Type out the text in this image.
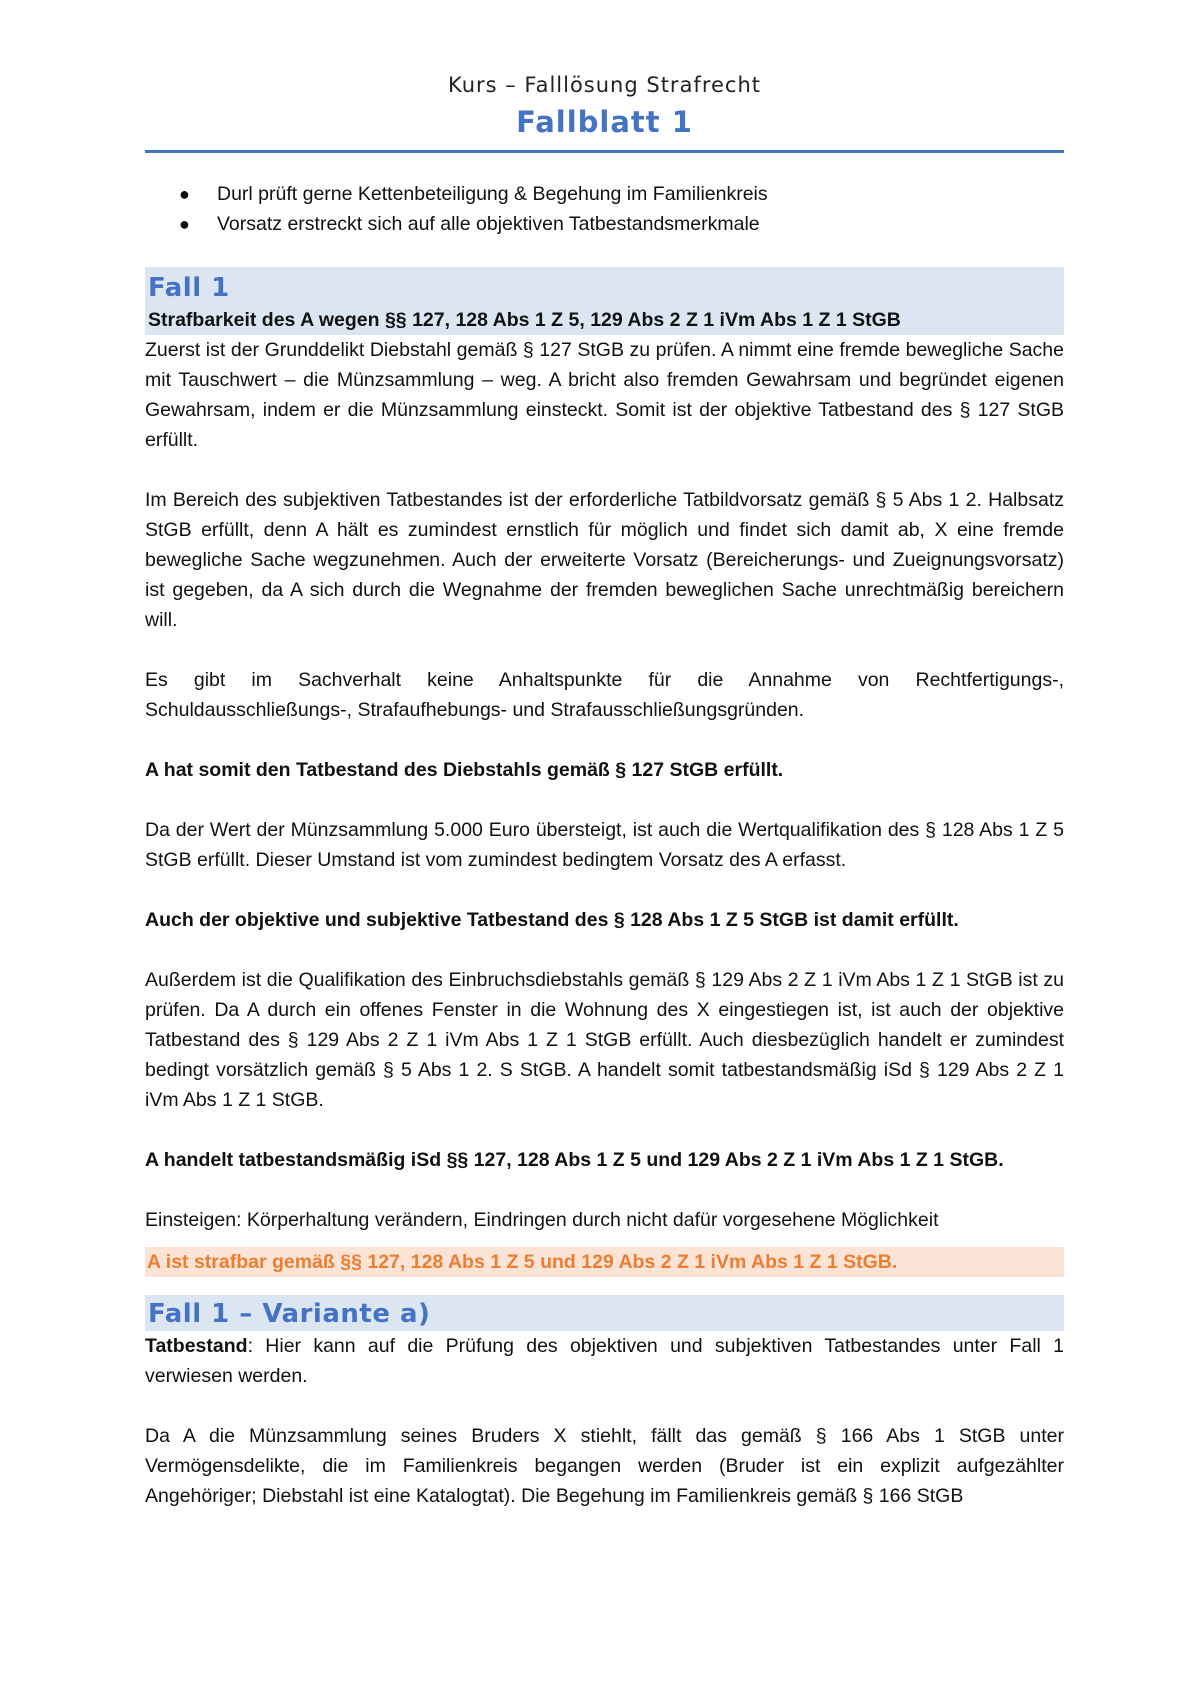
Kurs – Falllösung Strafrecht
Fallblatt 1
● Durl prüft gerne Kettenbeteiligung & Begehung im Familienkreis
● Vorsatz erstreckt sich auf alle objektiven Tatbestandsmerkmale
Fall 1

Strafbarkeit des A wegen §§ 127, 128 Abs 1 Z 5, 129 Abs 2 Z 1 iVm Abs 1 Z 1 StGB

Zuerst ist der Grunddelikt Diebstahl gemäß § 127 StGB zu prüfen. A nimmt eine fremde bewegliche Sache mit Tauschwert – die Münzsammlung – weg. A bricht also fremden Gewahrsam und begründet eigenen Gewahrsam, indem er die Münzsammlung einsteckt. Somit ist der objektive Tatbestand des § 127 StGB erfüllt.

Im Bereich des subjektiven Tatbestandes ist der erforderliche Tatbildvorsatz gemäß § 5 Abs 1 2. Halbsatz StGB erfüllt, denn A hält es zumindest ernstlich für möglich und findet sich damit ab, X eine fremde bewegliche Sache wegzunehmen. Auch der erweiterte Vorsatz (Bereicherungs- und Zueignungsvorsatz) ist gegeben, da A sich durch die Wegnahme der fremden beweglichen Sache unrechtmäßig bereichern will.

Es gibt im Sachverhalt keine Anhaltspunkte für die Annahme von Rechtfertigungs-, Schuldausschließungs-, Strafaufhebungs- und Strafausschließungsgründen.

A hat somit den Tatbestand des Diebstahls gemäß § 127 StGB erfüllt.

Da der Wert der Münzsammlung 5.000 Euro übersteigt, ist auch die Wertqualifikation des § 128 Abs 1 Z 5 StGB erfüllt. Dieser Umstand ist vom zumindest bedingtem Vorsatz des A erfasst.

Auch der objektive und subjektive Tatbestand des § 128 Abs 1 Z 5 StGB ist damit erfüllt.

Außerdem ist die Qualifikation des Einbruchsdiebstahls gemäß § 129 Abs 2 Z 1 iVm Abs 1 Z 1 StGB ist zu prüfen. Da A durch ein offenes Fenster in die Wohnung des X eingestiegen ist, ist auch der objektive Tatbestand des § 129 Abs 2 Z 1 iVm Abs 1 Z 1 StGB erfüllt. Auch diesbezüglich handelt er zumindest bedingt vorsätzlich gemäß § 5 Abs 1 2. S StGB. A handelt somit tatbestandsmäßig iSd § 129 Abs 2 Z 1 iVm Abs 1 Z 1 StGB.

A handelt tatbestandsmäßig iSd §§ 127, 128 Abs 1 Z 5 und 129 Abs 2 Z 1 iVm Abs 1 Z 1 StGB.

Einsteigen: Körperhaltung verändern, Eindringen durch nicht dafür vorgesehene Möglichkeit

A ist strafbar gemäß §§ 127, 128 Abs 1 Z 5 und 129 Abs 2 Z 1 iVm Abs 1 Z 1 StGB.
Fall 1 – Variante a)

Tatbestand: Hier kann auf die Prüfung des objektiven und subjektiven Tatbestandes unter Fall 1 verwiesen werden.

Da A die Münzsammlung seines Bruders X stiehlt, fällt das gemäß § 166 Abs 1 StGB unter Vermögensdelikte, die im Familienkreis begangen werden (Bruder ist ein explizit aufgezählter Angehöriger; Diebstahl ist eine Katalogtat). Die Begehung im Familienkreis gemäß § 166 StGB
